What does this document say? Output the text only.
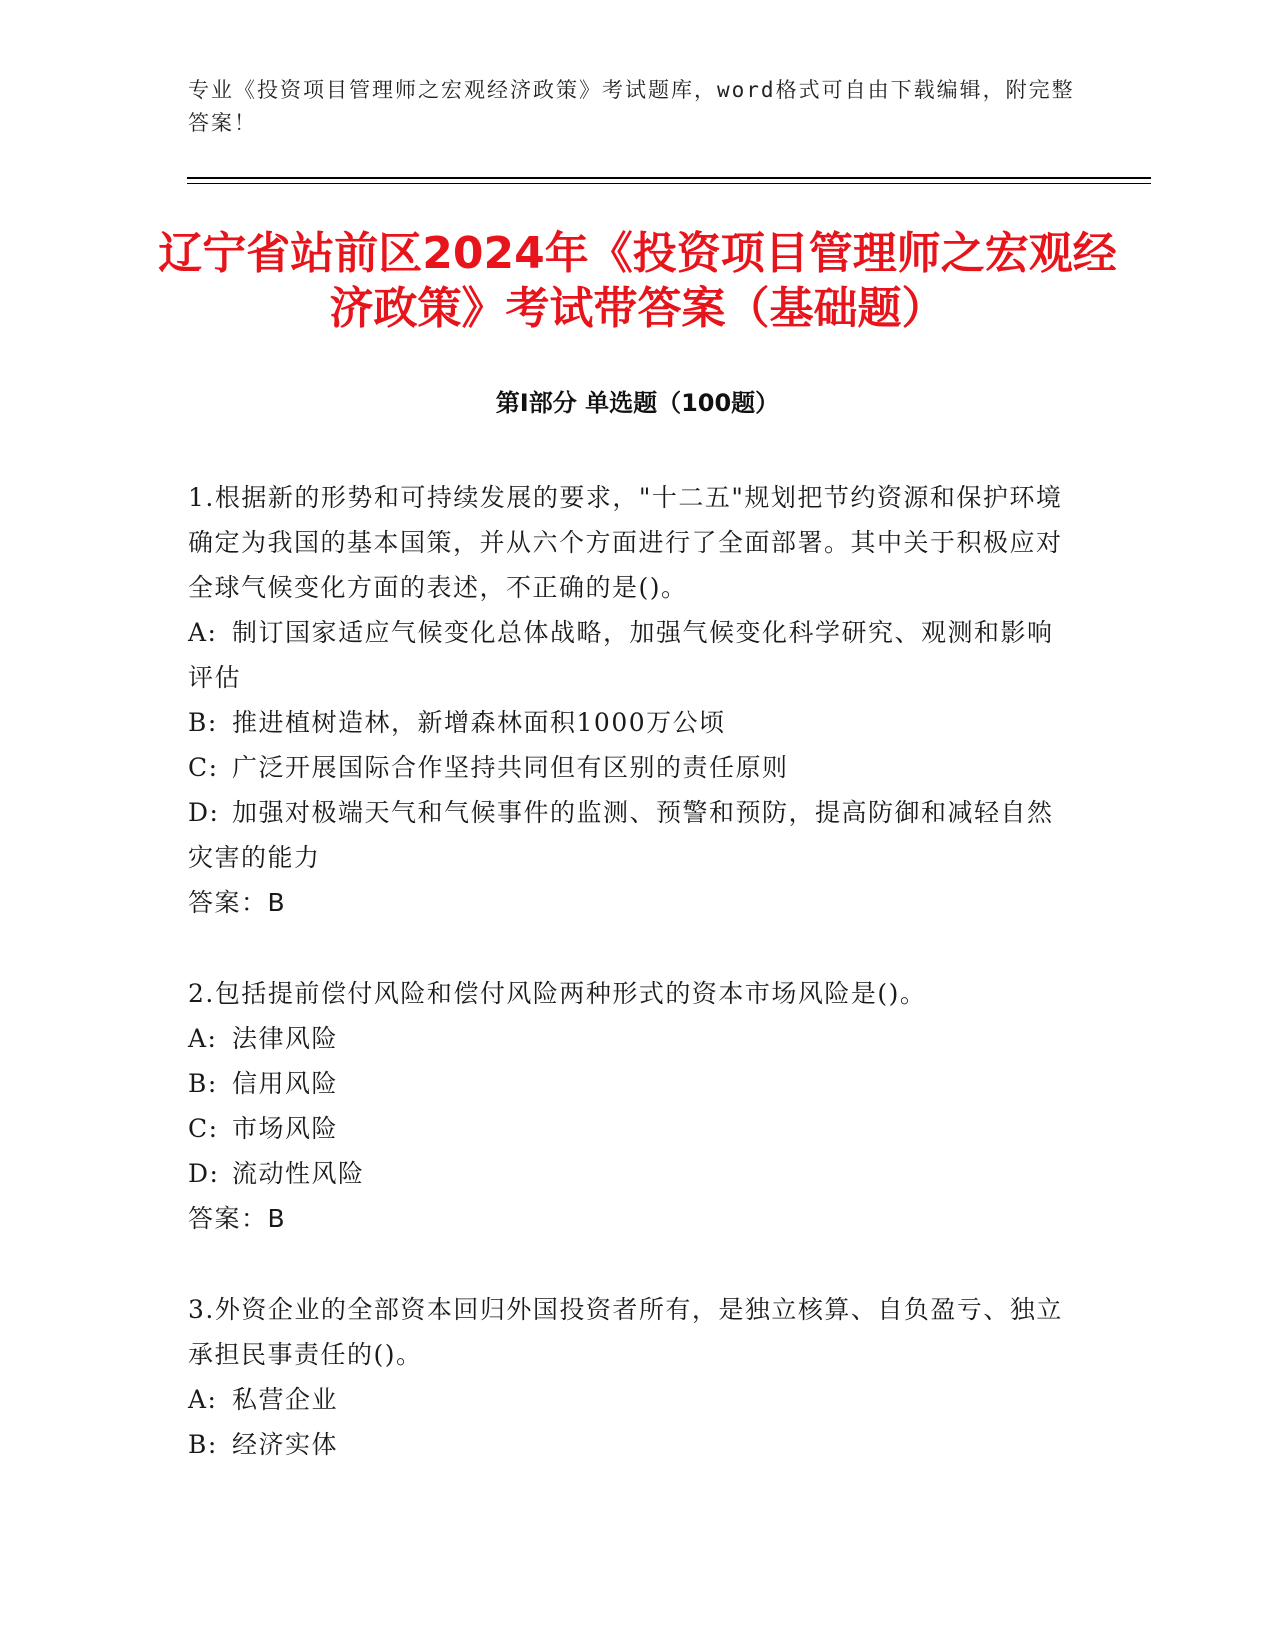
专业《投资项目管理师之宏观经济政策》考试题库，word格式可自由下载编辑，附完整答案！
辽宁省站前区2024年《投资项目管理师之宏观经济政策》考试带答案（基础题）
第Ⅰ部分 单选题（100题）

1.根据新的形势和可持续发展的要求，"十二五"规划把节约资源和保护环境确定为我国的基本国策，并从六个方面进行了全面部署。其中关于积极应对全球气候变化方面的表述，不正确的是()。

A: 制订国家适应气候变化总体战略，加强气候变化科学研究、观测和影响评估

B: 推进植树造林，新增森林面积1000万公顷

C: 广泛开展国际合作坚持共同但有区别的责任原则

D: 加强对极端天气和气候事件的监测、预警和预防，提高防御和减轻自然灾害的能力

答案：B

2.包括提前偿付风险和偿付风险两种形式的资本市场风险是()。

A: 法律风险

B: 信用风险

C: 市场风险

D: 流动性风险

答案：B

3.外资企业的全部资本回归外国投资者所有，是独立核算、自负盈亏、独立承担民事责任的()。

A: 私营企业

B: 经济实体
